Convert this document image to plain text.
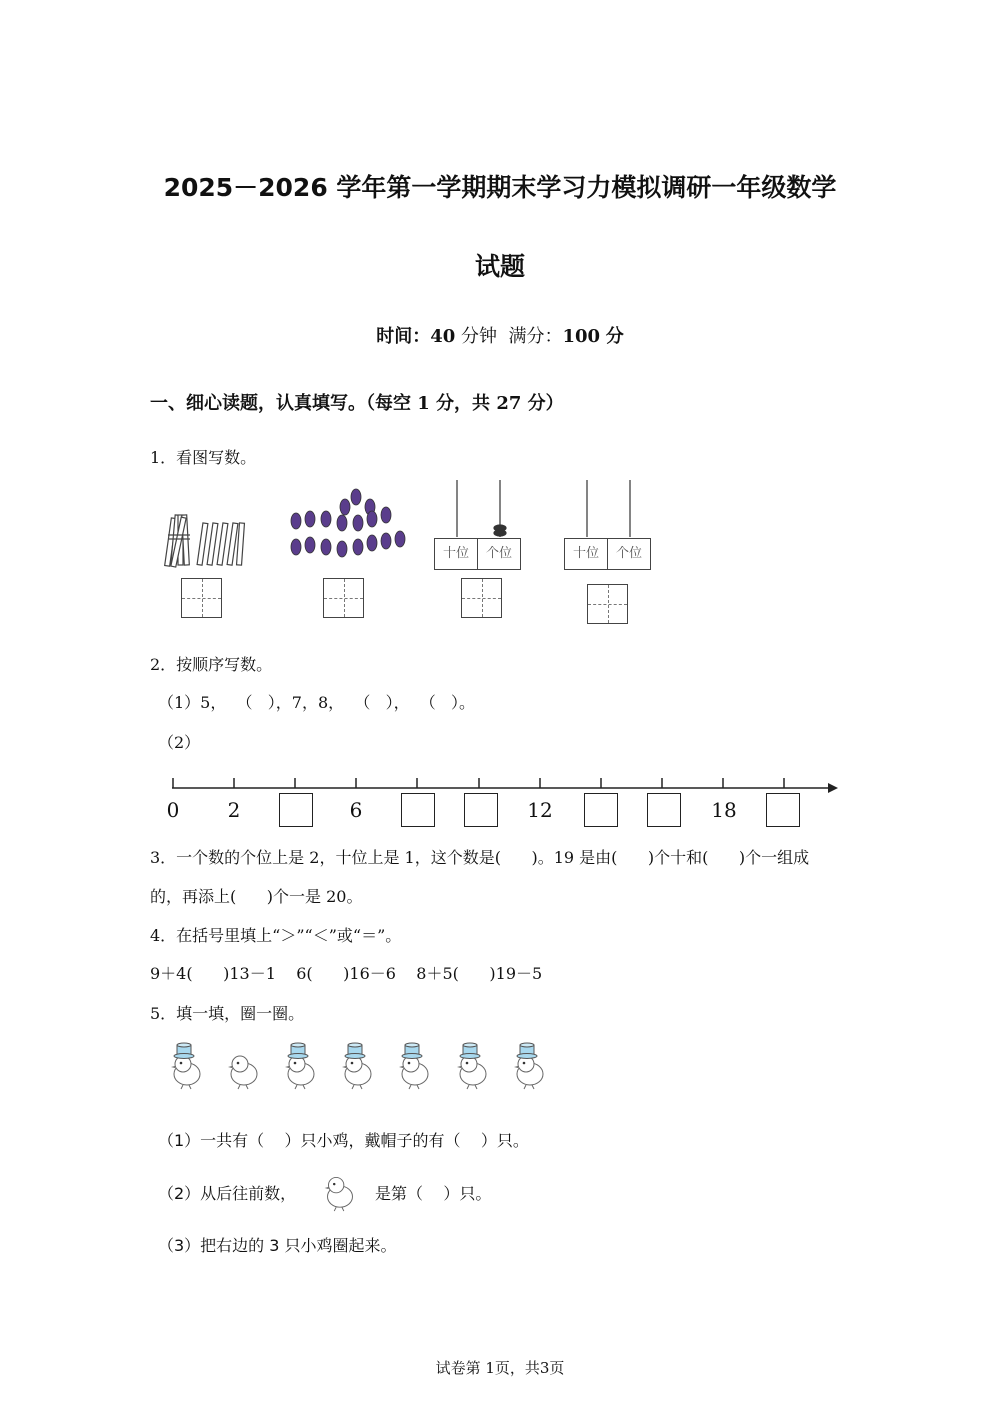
2025－2026 学年第一学期期末学习力模拟调研一年级数学
试题
时间：40 分钟 满分：100 分
一、细心读题，认真填写。（每空 1 分，共 27 分）
1．看图写数。
十位	个位	十位	个位
2．按顺序写数。
（1）5，  （   ），7，8，  （   ），  （   ）。
（2）
0	2	6	12	18
3．一个数的个位上是 2，十位上是 1，这个数是(      )。19 是由(      )个十和(      )个一组成
的，再添上(      )个一是 20。
4．在括号里填上“＞”“＜”或“＝”。
9＋4(      )13－1    6(      )16－6    8＋5(      )19－5
5．填一填，圈一圈。
（1）一共有（    ）只小鸡，戴帽子的有（    ）只。
（2）从后往前数，	是第（    ）只。
（3）把右边的 3 只小鸡圈起来。
试卷第 1页，共3页
